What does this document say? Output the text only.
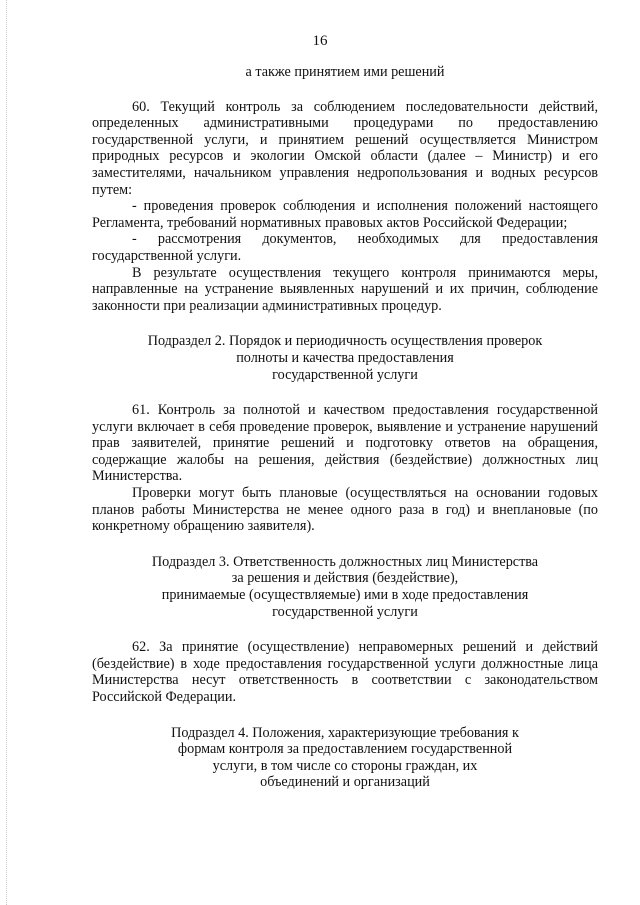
16

а также принятием ими решений

60. Текущий контроль за соблюдением последовательности действий, определенных административными процедурами по предоставлению государственной услуги, и принятием решений осуществляется Министром природных ресурсов и экологии Омской области (далее – Министр) и его заместителями, начальником управления недропользования и водных ресурсов путем:

- проведения проверок соблюдения и исполнения положений настоящего Регламента, требований нормативных правовых актов Российской Федерации;

- рассмотрения документов, необходимых для предоставления государственной услуги.

В результате осуществления текущего контроля принимаются меры, направленные на устранение выявленных нарушений и их причин, соблюдение законности при реализации административных процедур.

Подраздел 2. Порядок и периодичность осуществления проверок

полноты и качества предоставления

государственной услуги

61. Контроль за полнотой и качеством предоставления государственной услуги включает в себя проведение проверок, выявление и устранение нарушений прав заявителей, принятие решений и подготовку ответов на обращения, содержащие жалобы на решения, действия (бездействие) должностных лиц Министерства.

Проверки могут быть плановые (осуществляться на основании годовых планов работы Министерства не менее одного раза в год) и внеплановые (по конкретному обращению заявителя).

Подраздел 3. Ответственность должностных лиц Министерства

за решения и действия (бездействие),

принимаемые (осуществляемые) ими в ходе предоставления

государственной услуги

62. За принятие (осуществление) неправомерных решений и действий (бездействие) в ходе предоставления государственной услуги должностные лица Министерства несут ответственность в соответствии с законодательством Российской Федерации.

Подраздел 4. Положения, характеризующие требования к

формам контроля за предоставлением государственной

услуги, в том числе со стороны граждан, их

объединений и организаций
